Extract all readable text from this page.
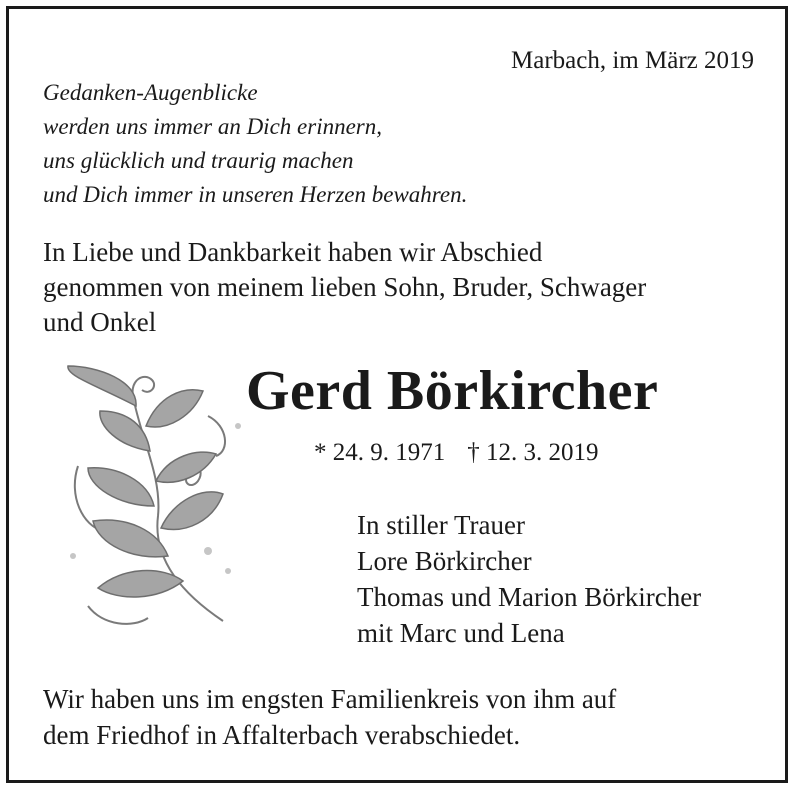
Marbach, im März 2019
Gedanken-Augenblicke
werden uns immer an Dich erinnern,
uns glücklich und traurig machen
und Dich immer in unseren Herzen bewahren.
In Liebe und Dankbarkeit haben wir Abschied
genommen von meinem lieben Sohn, Bruder, Schwager
und Onkel
Gerd Börkircher
* 24. 9. 1971 † 12. 3. 2019
In stiller Trauer
Lore Börkircher
Thomas und Marion Börkircher
mit Marc und Lena
Wir haben uns im engsten Familienkreis von ihm auf
dem Friedhof in Affalterbach verabschiedet.
